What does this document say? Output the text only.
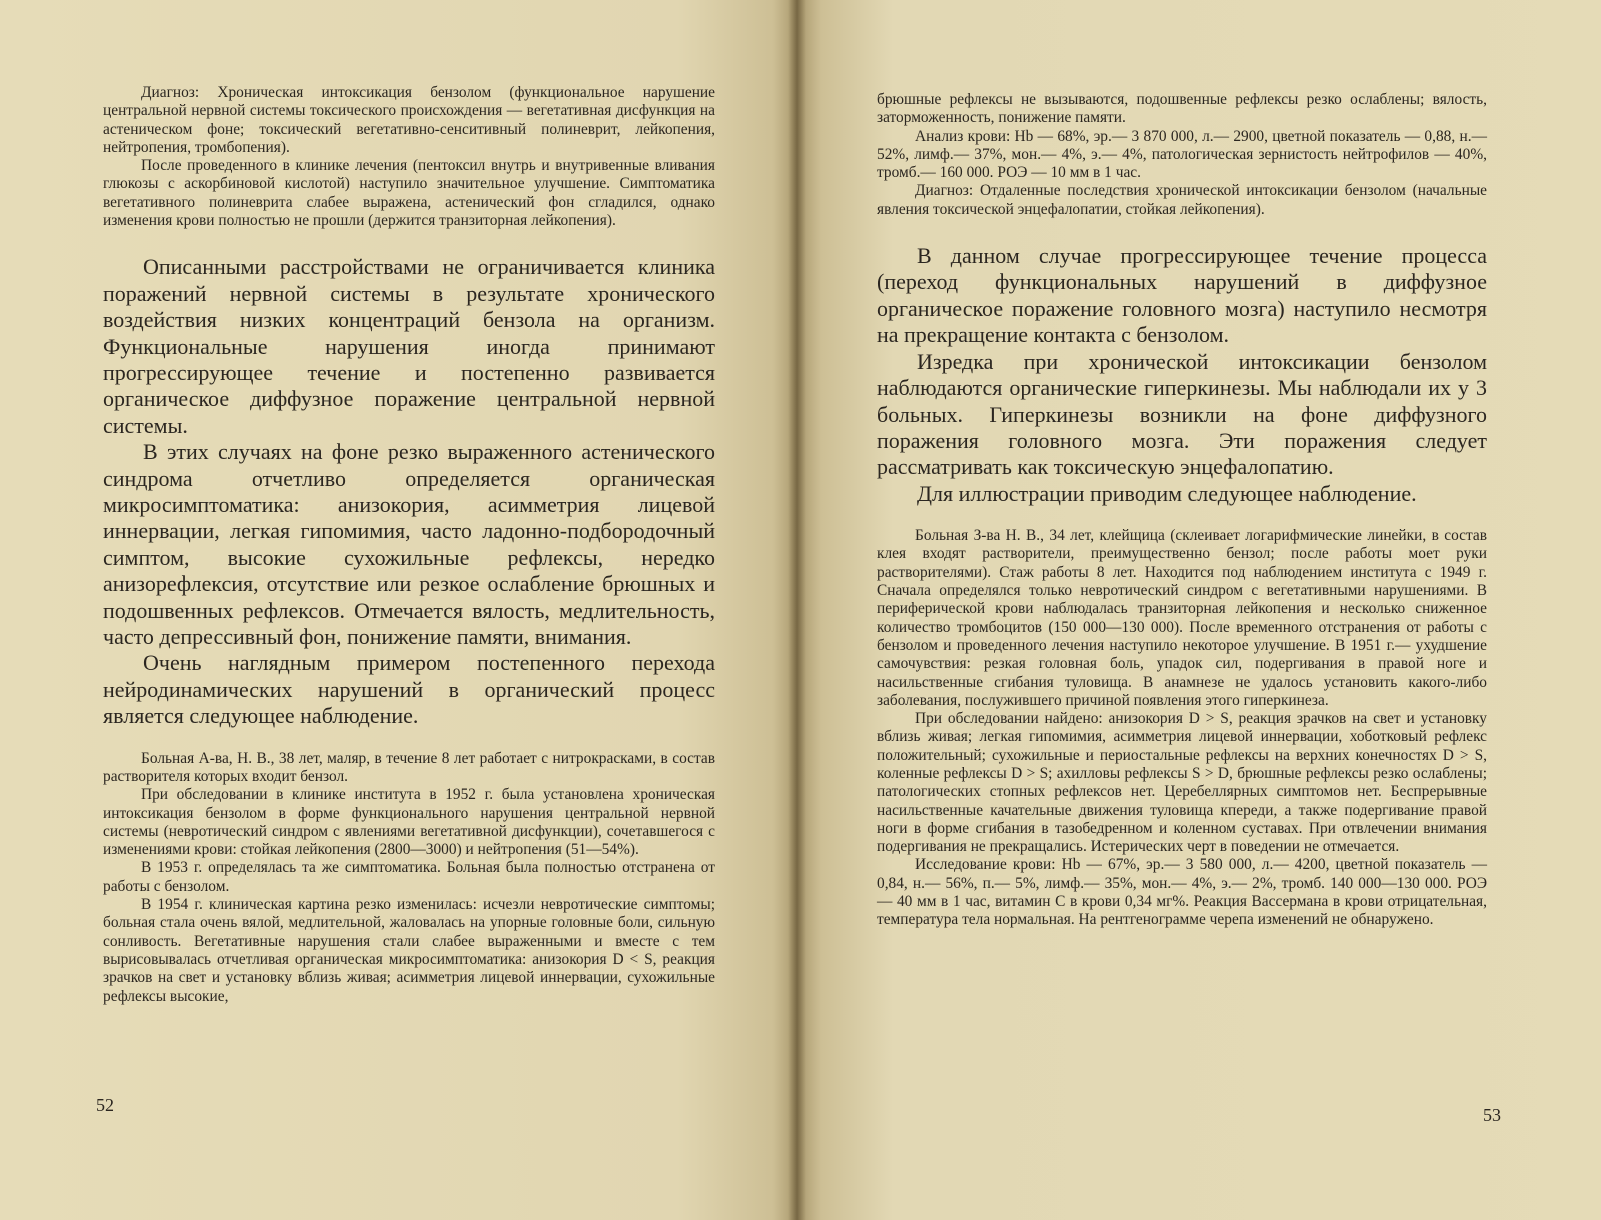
Диагноз: Хроническая интоксикация бензолом (функциональное нарушение центральной нервной системы токсического происхождения — вегетативная дисфункция на астеническом фоне; токсический вегетативно-сенситивный полиневрит, лейкопения, нейтропения, тромбопения).

После проведенного в клинике лечения (пентоксил внутрь и внутривенные вливания глюкозы с аскорбиновой кислотой) наступило значительное улучшение. Симптоматика вегетативного полиневрита слабее выражена, астенический фон сгладился, однако изменения крови полностью не прошли (держится транзиторная лейкопения).

Описанными расстройствами не ограничивается клиника поражений нервной системы в результате хронического воздействия низких концентраций бензола на организм. Функциональные нарушения иногда принимают прогрессирующее течение и постепенно развивается органическое диффузное поражение центральной нервной системы.

В этих случаях на фоне резко выраженного астенического синдрома отчетливо определяется органическая микросимптоматика: анизокория, асимметрия лицевой иннервации, легкая гипомимия, часто ладонно-подбородочный симптом, высокие сухожильные рефлексы, нередко анизорефлексия, отсутствие или резкое ослабление брюшных и подошвенных рефлексов. Отмечается вялость, медлительность, часто депрессивный фон, понижение памяти, внимания.

Очень наглядным примером постепенного перехода нейродинамических нарушений в органический процесс является следующее наблюдение.

Больная А-ва, Н. В., 38 лет, маляр, в течение 8 лет работает с нитрокрасками, в состав растворителя которых входит бензол.

При обследовании в клинике института в 1952 г. была установлена хроническая интоксикация бензолом в форме функционального нарушения центральной нервной системы (невротический синдром с явлениями вегетативной дисфункции), сочетавшегося с изменениями крови: стойкая лейкопения (2800—3000) и нейтропения (51—54%).

В 1953 г. определялась та же симптоматика. Больная была полностью отстранена от работы с бензолом.

В 1954 г. клиническая картина резко изменилась: исчезли невротические симптомы; больная стала очень вялой, медлительной, жаловалась на упорные головные боли, сильную сонливость. Вегетативные нарушения стали слабее выраженными и вместе с тем вырисовывалась отчетливая органическая микросимптоматика: анизокория D < S, реакция зрачков на свет и установку вблизь живая; асимметрия лицевой иннервации, сухожильные рефлексы высокие,

52

брюшные рефлексы не вызываются, подошвенные рефлексы резко ослаблены; вялость, заторможенность, понижение памяти.

Анализ крови: Hb — 68%, эр.— 3 870 000, л.— 2900, цветной показатель — 0,88, н.— 52%, лимф.— 37%, мон.— 4%, э.— 4%, патологическая зернистость нейтрофилов — 40%, тромб.— 160 000. РОЭ — 10 мм в 1 час.

Диагноз: Отдаленные последствия хронической интоксикации бензолом (начальные явления токсической энцефалопатии, стойкая лейкопения).

В данном случае прогрессирующее течение процесса (переход функциональных нарушений в диффузное органическое поражение головного мозга) наступило несмотря на прекращение контакта с бензолом.

Изредка при хронической интоксикации бензолом наблюдаются органические гиперкинезы. Мы наблюдали их у 3 больных. Гиперкинезы возникли на фоне диффузного поражения головного мозга. Эти поражения следует рассматривать как токсическую энцефалопатию.

Для иллюстрации приводим следующее наблюдение.

Больная З-ва Н. В., 34 лет, клейщица (склеивает логарифмические линейки, в состав клея входят растворители, преимущественно бензол; после работы моет руки растворителями). Стаж работы 8 лет. Находится под наблюдением института с 1949 г. Сначала определялся только невротический синдром с вегетативными нарушениями. В периферической крови наблюдалась транзиторная лейкопения и несколько сниженное количество тромбоцитов (150 000—130 000). После временного отстранения от работы с бензолом и проведенного лечения наступило некоторое улучшение. В 1951 г.— ухудшение самочувствия: резкая головная боль, упадок сил, подергивания в правой ноге и насильственные сгибания туловища. В анамнезе не удалось установить какого-либо заболевания, послужившего причиной появления этого гиперкинеза.

При обследовании найдено: анизокория D > S, реакция зрачков на свет и установку вблизь живая; легкая гипомимия, асимметрия лицевой иннервации, хоботковый рефлекс положительный; сухожильные и периостальные рефлексы на верхних конечностях D > S, коленные рефлексы D > S; ахилловы рефлексы S > D, брюшные рефлексы резко ослаблены; патологических стопных рефлексов нет. Церебеллярных симптомов нет. Беспрерывные насильственные качательные движения туловища кпереди, а также подергивание правой ноги в форме сгибания в тазобедренном и коленном суставах. При отвлечении внимания подергивания не прекращались. Истерических черт в поведении не отмечается.

Исследование крови: Hb — 67%, эр.— 3 580 000, л.— 4200, цветной показатель — 0,84, н.— 56%, п.— 5%, лимф.— 35%, мон.— 4%, э.— 2%, тромб. 140 000—130 000. РОЭ — 40 мм в 1 час, витамин С в крови 0,34 мг%. Реакция Вассермана в крови отрицательная, температура тела нормальная. На рентгенограмме черепа изменений не обнаружено.

53
